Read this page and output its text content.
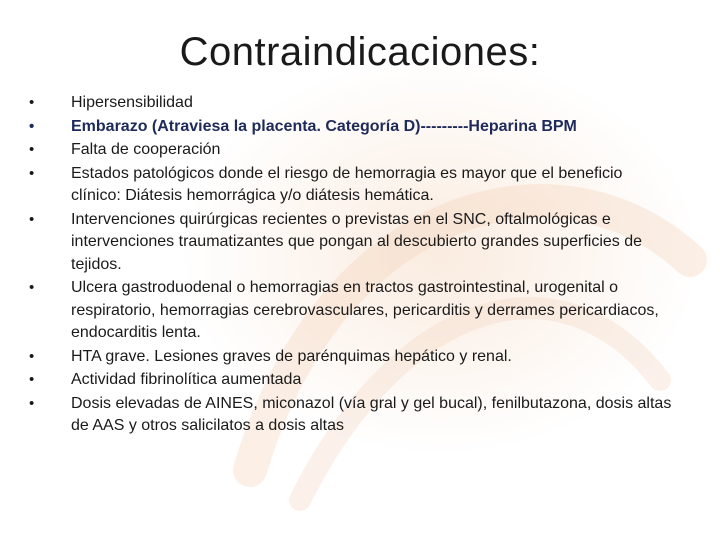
Contraindicaciones:
•	Hipersensibilidad
•	Embarazo (Atraviesa la placenta. Categoría D)---------Heparina BPM
•	Falta de cooperación
•	Estados patológicos donde el riesgo de hemorragia es mayor que el beneficio clínico: Diátesis hemorrágica y/o diátesis hemática.
•	Intervenciones quirúrgicas recientes o previstas en el SNC, oftalmológicas e intervenciones traumatizantes que pongan al descubierto grandes superficies de tejidos.
•	Ulcera gastroduodenal o hemorragias en tractos gastrointestinal, urogenital o respiratorio, hemorragias cerebrovasculares, pericarditis y derrames pericardiacos, endocarditis lenta.
•	HTA grave. Lesiones graves de parénquimas hepático y renal.
•	Actividad fibrinolítica aumentada
•	Dosis elevadas de AINES, miconazol (vía gral y gel bucal), fenilbutazona, dosis altas de AAS y otros salicilatos a dosis altas
